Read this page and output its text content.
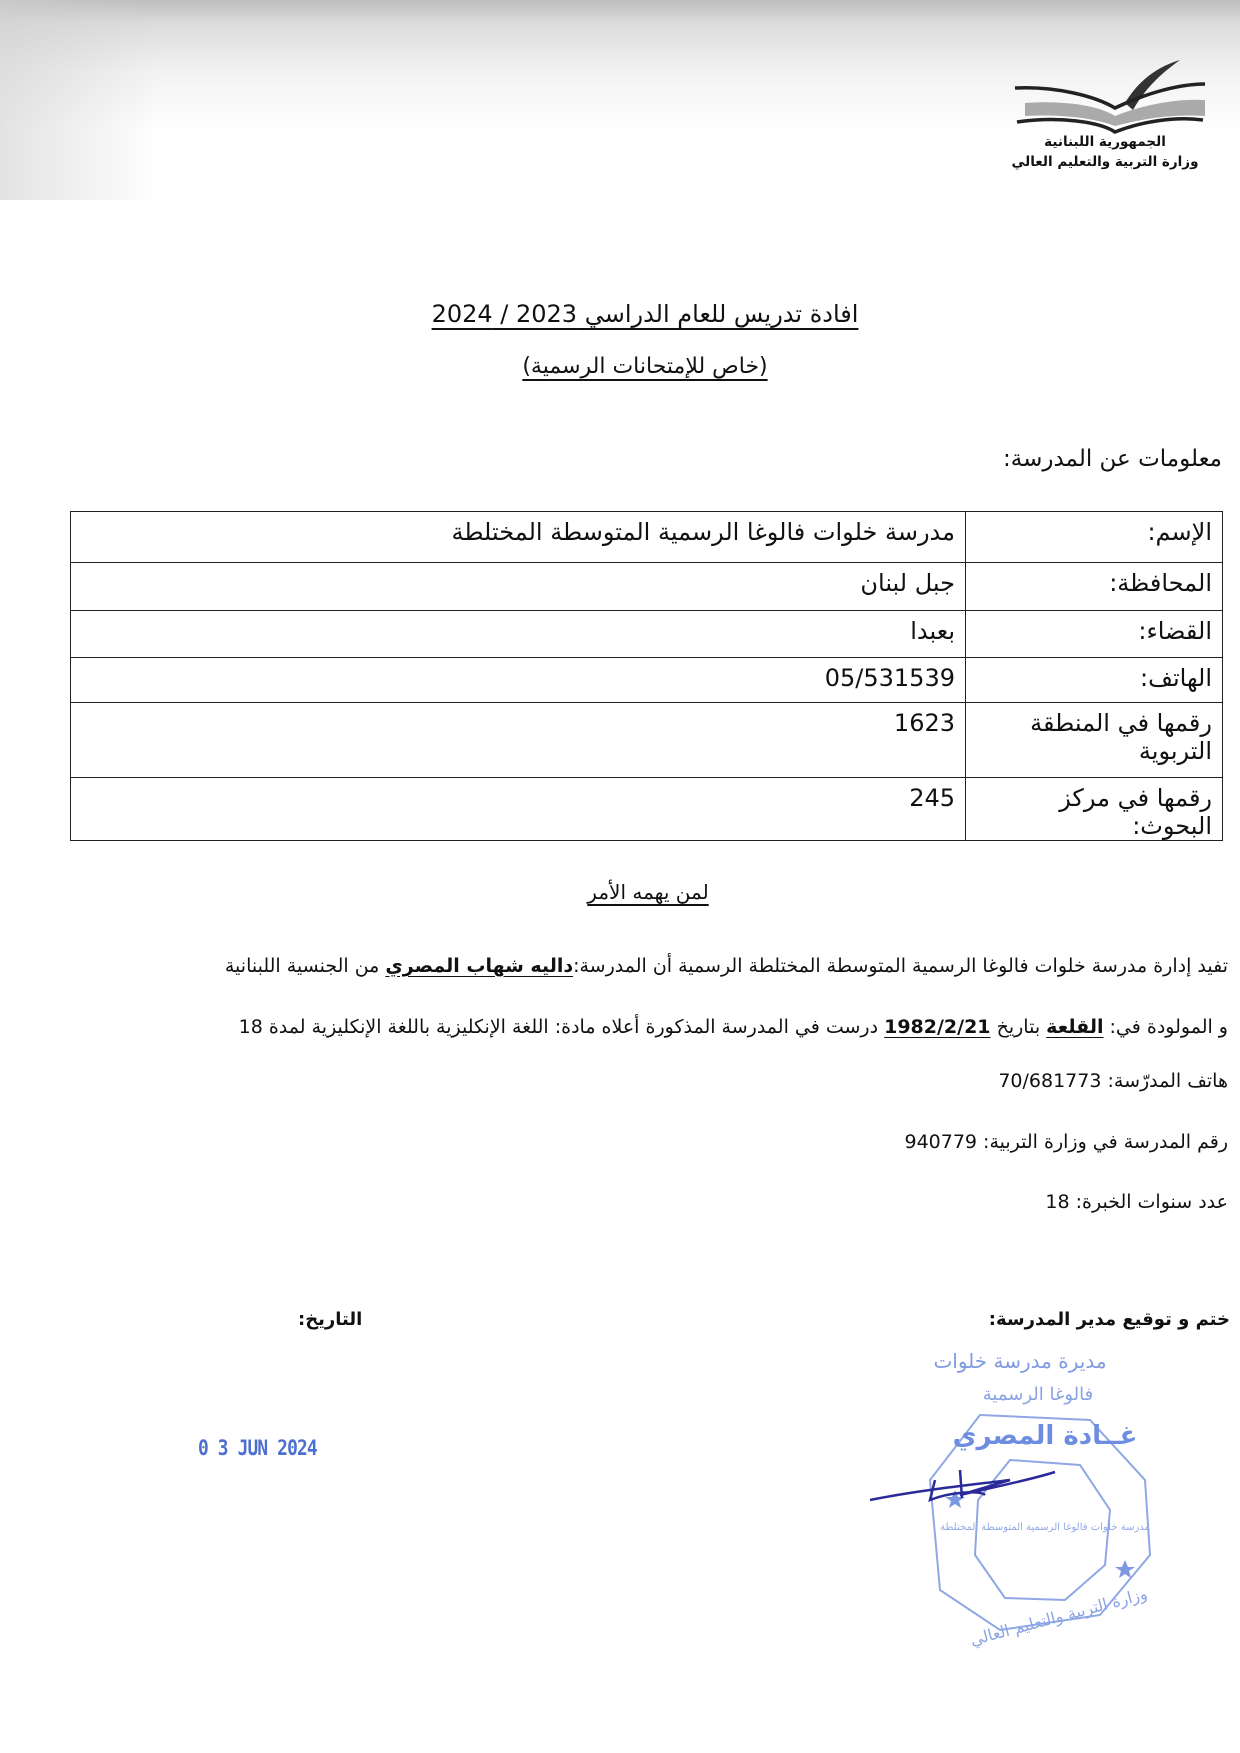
الجمهورية اللبنانية
وزارة التربية والتعليم العالي
افادة تدريس للعام الدراسي 2023 / 2024
(خاص للإمتحانات الرسمية)
معلومات عن المدرسة:
الإسم:	مدرسة خلوات فالوغا الرسمية المتوسطة المختلطة
المحافظة:	جبل لبنان
القضاء:	بعبدا
الهاتف:	05/531539
رقمها في المنطقة التربوية	1623
رقمها في مركز البحوث:	245
لمن يهمه الأمر
تفيد إدارة مدرسة خلوات فالوغا الرسمية المتوسطة المختلطة الرسمية أن المدرسة:داليه شهاب المصري من الجنسية اللبنانية
و المولودة في: القلعة بتاريخ 1982/2/21 درست في المدرسة المذكورة أعلاه مادة: اللغة الإنكليزية باللغة الإنكليزية لمدة 18
هاتف المدرّسة: 70/681773
رقم المدرسة في وزارة التربية: 940779
عدد سنوات الخبرة: 18
ختم و توقيع مدير المدرسة:
التاريخ:
0 3 JUN 2024
مديرة مدرسة خلوات
فالوغا الرسمية
غــادة المصري
مدرسة خلوات فالوغا الرسمية المتوسطة المختلطة
وزارة التربية والتعليم العالي
